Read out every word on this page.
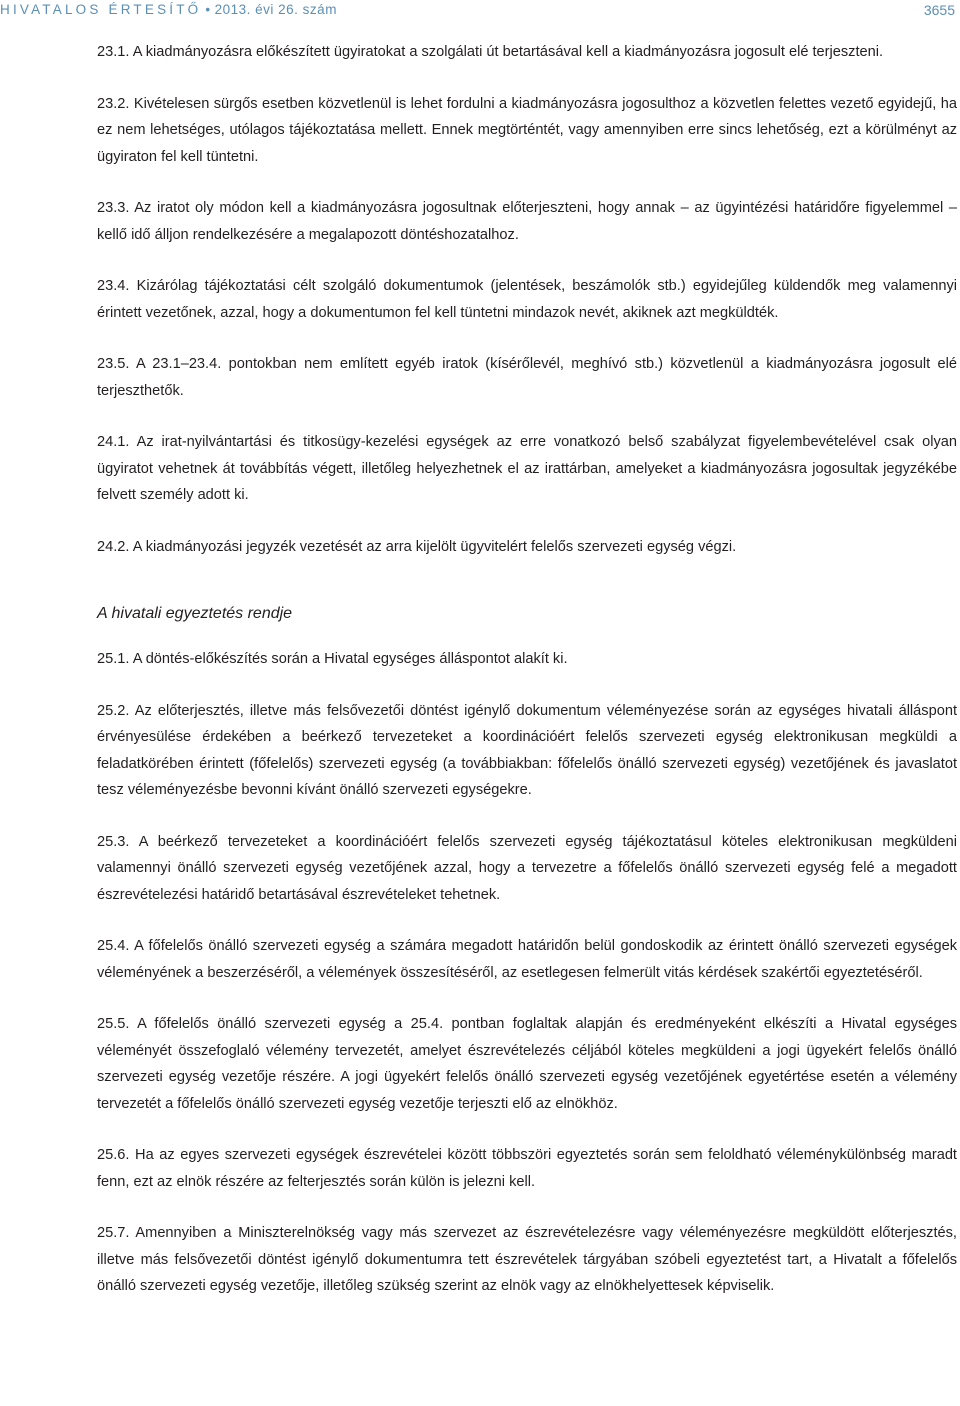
HIVATALOS ÉRTESÍTŐ • 2013. évi 26. szám	3655

23.1. A kiadmányozásra előkészített ügyiratokat a szolgálati út betartásával kell a kiadmányozásra jogosult elé terjeszteni.

23.2. Kivételesen sürgős esetben közvetlenül is lehet fordulni a kiadmányozásra jogosulthoz a közvetlen felettes vezető egyidejű, ha ez nem lehetséges, utólagos tájékoztatása mellett. Ennek megtörténtét, vagy amennyiben erre sincs lehetőség, ezt a körülményt az ügyiraton fel kell tüntetni.

23.3. Az iratot oly módon kell a kiadmányozásra jogosultnak előterjeszteni, hogy annak – az ügyintézési határidőre figyelemmel – kellő idő álljon rendelkezésére a megalapozott döntéshozatalhoz.

23.4. Kizárólag tájékoztatási célt szolgáló dokumentumok (jelentések, beszámolók stb.) egyidejűleg küldendők meg valamennyi érintett vezetőnek, azzal, hogy a dokumentumon fel kell tüntetni mindazok nevét, akiknek azt megküldték.

23.5. A 23.1–23.4. pontokban nem említett egyéb iratok (kísérőlevél, meghívó stb.) közvetlenül a kiadmányozásra jogosult elé terjeszthetők.

24.1. Az irat-nyilvántartási és titkosügy-kezelési egységek az erre vonatkozó belső szabályzat figyelembevételével csak olyan ügyiratot vehetnek át továbbítás végett, illetőleg helyezhetnek el az irattárban, amelyeket a kiadmányozásra jogosultak jegyzékébe felvett személy adott ki.

24.2. A kiadmányozási jegyzék vezetését az arra kijelölt ügyvitelért felelős szervezeti egység végzi.

A hivatali egyeztetés rendje

25.1. A döntés-előkészítés során a Hivatal egységes álláspontot alakít ki.

25.2. Az előterjesztés, illetve más felsővezetői döntést igénylő dokumentum véleményezése során az egységes hivatali álláspont érvényesülése érdekében a beérkező tervezeteket a koordinációért felelős szervezeti egység elektronikusan megküldi a feladatkörében érintett (főfelelős) szervezeti egység (a továbbiakban: főfelelős önálló szervezeti egység) vezetőjének és javaslatot tesz véleményezésbe bevonni kívánt önálló szervezeti egységekre.

25.3. A beérkező tervezeteket a koordinációért felelős szervezeti egység tájékoztatásul köteles elektronikusan megküldeni valamennyi önálló szervezeti egység vezetőjének azzal, hogy a tervezetre a főfelelős önálló szervezeti egység felé a megadott észrevételezési határidő betartásával észrevételeket tehetnek.

25.4. A főfelelős önálló szervezeti egység a számára megadott határidőn belül gondoskodik az érintett önálló szervezeti egységek véleményének a beszerzéséről, a vélemények összesítéséről, az esetlegesen felmerült vitás kérdések szakértői egyeztetéséről.

25.5. A főfelelős önálló szervezeti egység a 25.4. pontban foglaltak alapján és eredményeként elkészíti a Hivatal egységes véleményét összefoglaló vélemény tervezetét, amelyet észrevételezés céljából köteles megküldeni a jogi ügyekért felelős önálló szervezeti egység vezetője részére. A jogi ügyekért felelős önálló szervezeti egység vezetőjének egyetértése esetén a vélemény tervezetét a főfelelős önálló szervezeti egység vezetője terjeszti elő az elnökhöz.

25.6. Ha az egyes szervezeti egységek észrevételei között többszöri egyeztetés során sem feloldható véleménykülönbség maradt fenn, ezt az elnök részére az felterjesztés során külön is jelezni kell.

25.7. Amennyiben a Miniszterelnökség vagy más szervezet az észrevételezésre vagy véleményezésre megküldött előterjesztés, illetve más felsővezetői döntést igénylő dokumentumra tett észrevételek tárgyában szóbeli egyeztetést tart, a Hivatalt a főfelelős önálló szervezeti egység vezetője, illetőleg szükség szerint az elnök vagy az elnökhelyettesek képviselik.
